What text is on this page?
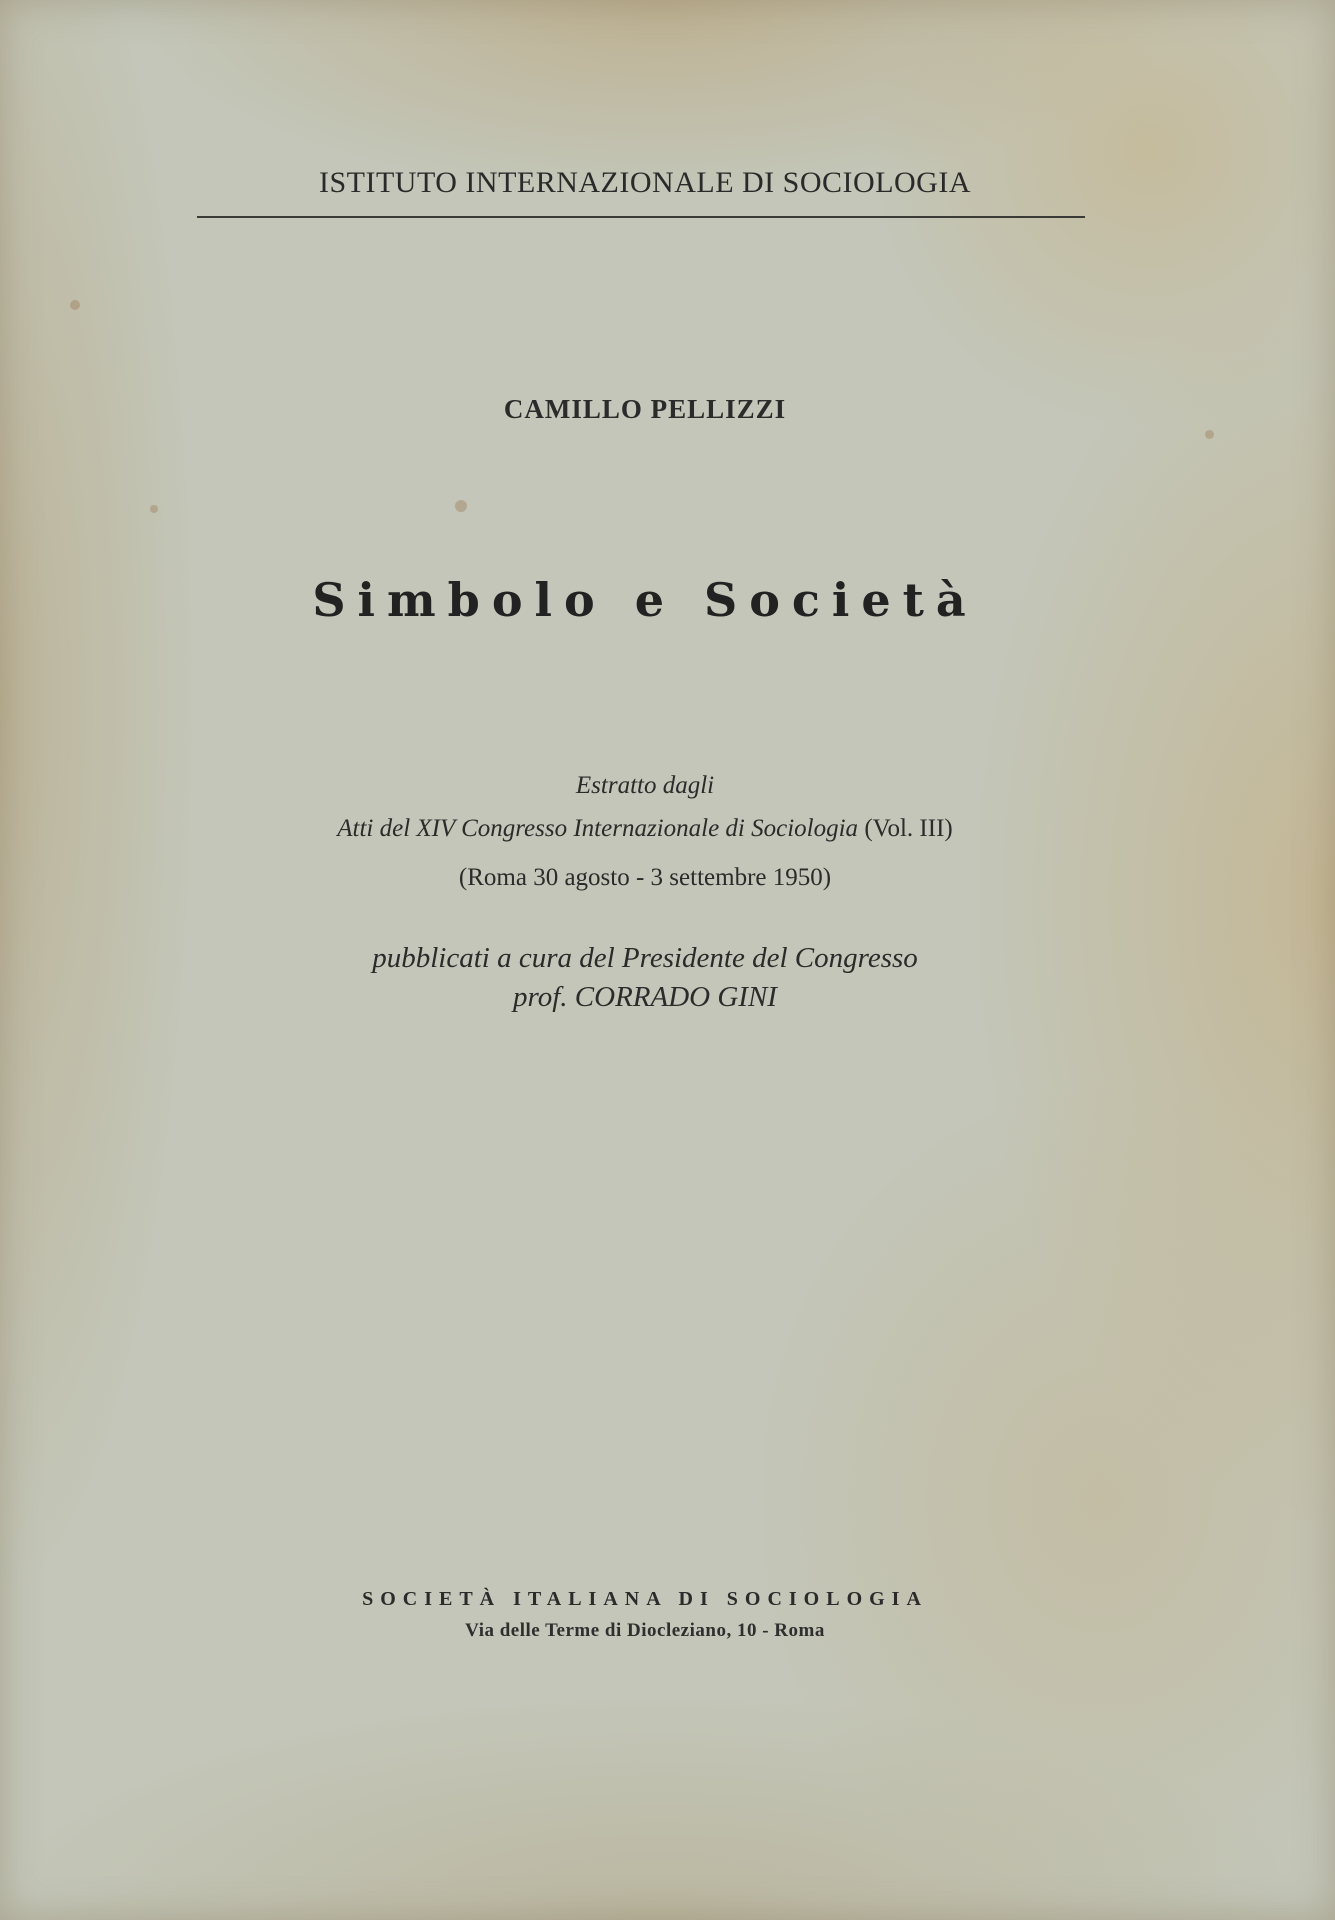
ISTITUTO INTERNAZIONALE DI SOCIOLOGIA
CAMILLO PELLIZZI
Simbolo e Società
Estratto dagli
Atti del XIV Congresso Internazionale di Sociologia (Vol. III)
(Roma 30 agosto - 3 settembre 1950)
pubblicati a cura del Presidente del Congresso
prof. CORRADO GINI
SOCIETÀ ITALIANA DI SOCIOLOGIA
Via delle Terme di Diocleziano, 10 - Roma
